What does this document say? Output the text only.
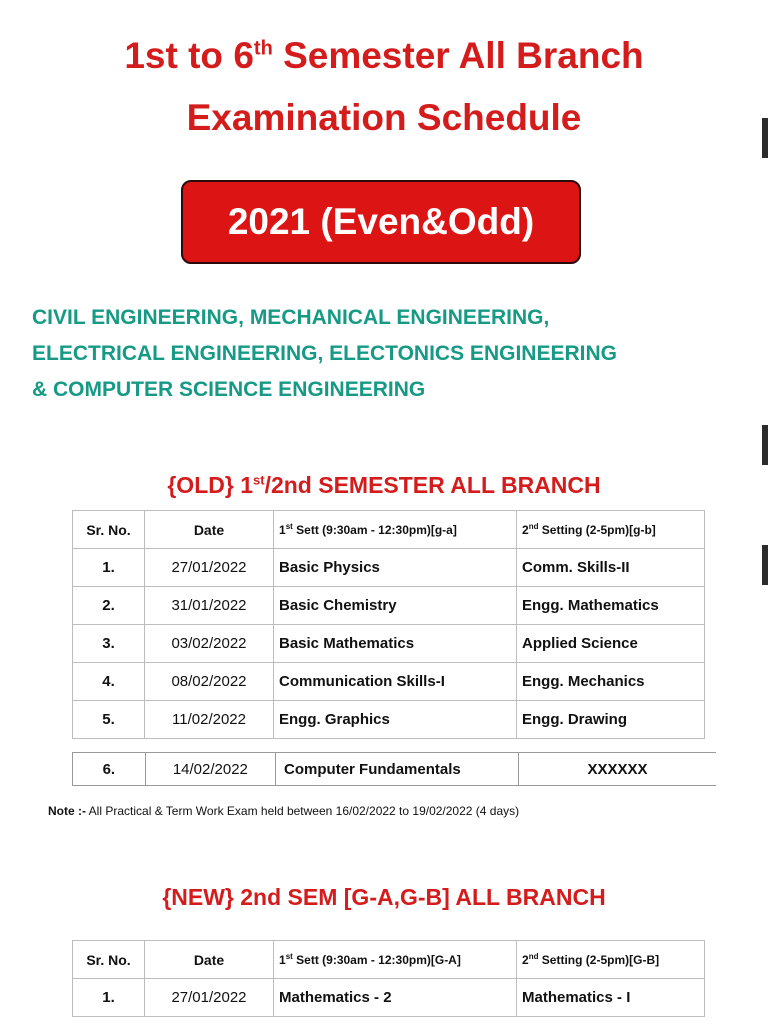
1st to 6th Semester All Branch
Examination Schedule
2021 (Even&Odd)
CIVIL ENGINEERING, MECHANICAL ENGINEERING,
ELECTRICAL ENGINEERING, ELECTONICS ENGINEERING
& COMPUTER SCIENCE ENGINEERING
{OLD} 1st/2nd SEMESTER ALL BRANCH
Sr. No.	Date	1st Sett (9:30am - 12:30pm)[g-a]	2nd Setting (2-5pm)[g-b]
1.	27/01/2022	Basic Physics	Comm. Skills-II
2.	31/01/2022	Basic Chemistry	Engg. Mathematics
3.	03/02/2022	Basic Mathematics	Applied Science
4.	08/02/2022	Communication Skills-I	Engg. Mechanics
5.	11/02/2022	Engg. Graphics	Engg. Drawing
6.	14/02/2022	Computer Fundamentals	XXXXXX
Note :- All Practical & Term Work Exam held between 16/02/2022 to 19/02/2022 (4 days)
{NEW} 2nd SEM [G-A,G-B] ALL BRANCH
Sr. No.	Date	1st Sett (9:30am - 12:30pm)[G-A]	2nd Setting (2-5pm)[G-B]
1.	27/01/2022	Mathematics - 2	Mathematics - I
